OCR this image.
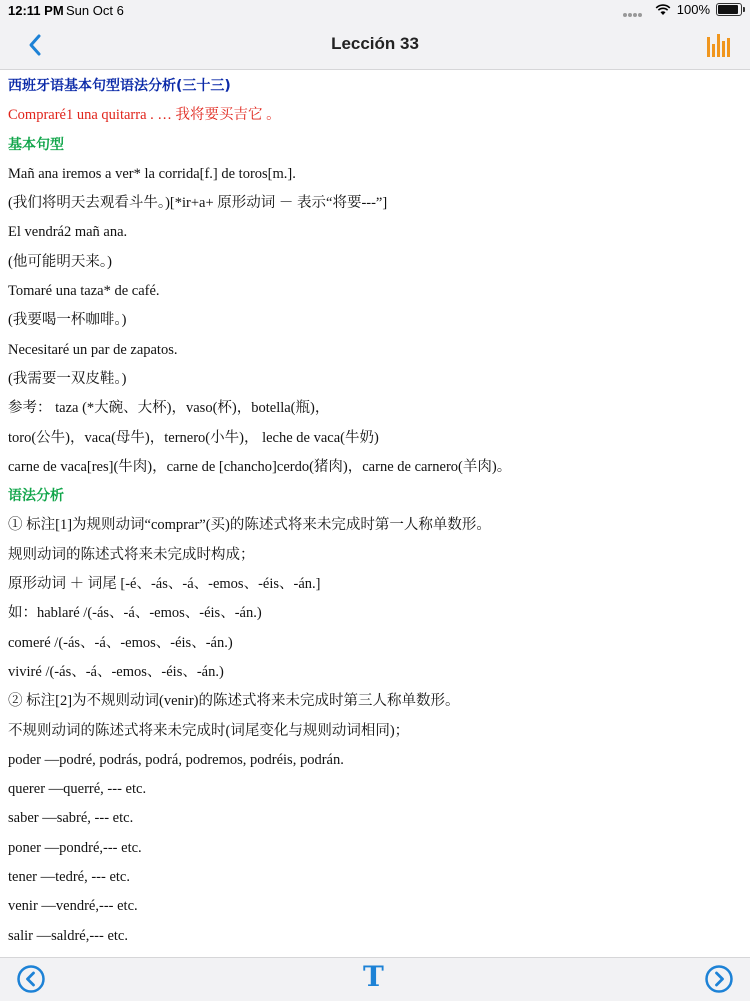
12:11 PM Sun Oct 6	100%
Lección 33
西班牙语基本句型语法分析(三十三)
Compraré1 una quitarra . … 我将要买吉它 。
基本句型
Mañ ana iremos a ver* la corrida[f.] de toros[m.].
(我们将明天去观看斗牛。)[*ir+a+ 原形动词 － 表示“将要---”]
El vendrá2 mañ ana.
(他可能明天来。)
Tomaré una taza* de café.
(我要喝一杯咖啡。)
Necesitaré un par de zapatos.
(我需要一双皮鞋。)
参考： taza (*大碗、大杯)，vaso(杯)，botella(瓶)，
toro(公牛)，vaca(母牛)，ternero(小牛)， leche de vaca(牛奶)
carne de vaca[res](牛肉)，carne de [chancho]cerdo(猪肉)，carne de carnero(羊肉)。
语法分析
① 标注[1]为规则动词“comprar”(买)的陈述式将来未完成时第一人称单数形。
规则动词的陈述式将来未完成时构成；
原形动词 ＋ 词尾 [-é、-ás、-á、-emos、-éis、-án.]
如：hablaré /(-ás、-á、-emos、-éis、-án.)
comeré /(-ás、-á、-emos、-éis、-án.)
viviré /(-ás、-á、-emos、-éis、-án.)
② 标注[2]为不规则动词(venir)的陈述式将来未完成时第三人称单数形。
不规则动词的陈述式将来未完成时(词尾变化与规则动词相同)；
poder —podré, podrás, podrá, podremos, podréis, podrán.
querer —querré, --- etc.
saber —sabré, --- etc.
poner —pondré,--- etc.
tener —tedré, --- etc.
venir —vendré,--- etc.
salir —saldré,--- etc.
T
